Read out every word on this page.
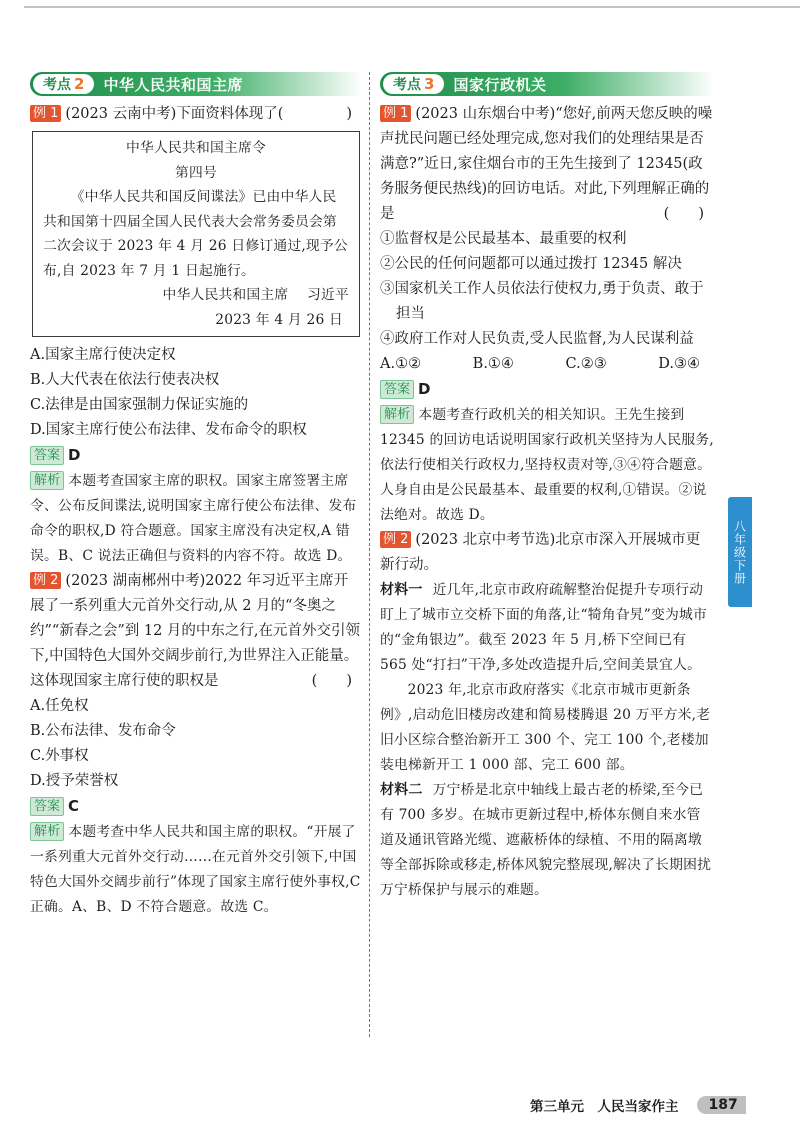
考点 2 中华人民共和国主席

例 1 (2023 云南中考)下面资料体现了(	)

中华人民共和国主席令
第四号
《中华人民共和国反间谍法》已由中华人民共和国第十四届全国人民代表大会常务委员会第二次会议于 2023 年 4 月 26 日修订通过,现予公布,自 2023 年 7 月 1 日起施行。
中华人民共和国主席　 习近平
2023 年 4 月 26 日

A.国家主席行使决定权

B.人大代表在依法行使表决权

C.法律是由国家强制力保证实施的

D.国家主席行使公布法律、发布命令的职权

答案 D

解析 本题考查国家主席的职权。国家主席签署主席令、公布反间谍法,说明国家主席行使公布法律、发布命令的职权,D 符合题意。国家主席没有决定权,A 错误。B、C 说法正确但与资料的内容不符。故选 D。

例 2 (2023 湖南郴州中考)2022 年习近平主席开展了一系列重大元首外交行动,从 2 月的“冬奥之约”“新春之会”到 12 月的中东之行,在元首外交引领下,中国特色大国外交阔步前行,为世界注入正能量。这体现国家主席行使的职权是	(　　)

A.任免权

B.公布法律、发布命令

C.外事权

D.授予荣誉权

答案 C

解析 本题考查中华人民共和国主席的职权。“开展了一系列重大元首外交行动……在元首外交引领下,中国特色大国外交阔步前行”体现了国家主席行使外事权,C 正确。A、B、D 不符合题意。故选 C。

考点 3 国家行政机关

例 1 (2023 山东烟台中考)“您好,前两天您反映的噪声扰民问题已经处理完成,您对我们的处理结果是否满意?”近日,家住烟台市的王先生接到了 12345(政务服务便民热线)的回访电话。对此,下列理解正确的是	(　　)

①监督权是公民最基本、最重要的权利

②公民的任何问题都可以通过拨打 12345 解决

③国家机关工作人员依法行使权力,勇于负责、敢于担当

④政府工作对人民负责,受人民监督,为人民谋利益

A.①②	B.①④	C.②③	D.③④

答案 D

解析 本题考查行政机关的相关知识。王先生接到 12345 的回访电话说明国家行政机关坚持为人民服务,依法行使相关行政权力,坚持权责对等,③④符合题意。人身自由是公民最基本、最重要的权利,①错误。②说法绝对。故选 D。

例 2 (2023 北京中考节选)北京市深入开展城市更新行动。

材料一 近几年,北京市政府疏解整治促提升专项行动盯上了城市立交桥下面的角落,让“犄角旮旯”变为城市的“金角银边”。截至 2023 年 5 月,桥下空间已有 565 处“打扫”干净,多处改造提升后,空间美景宜人。

2023 年,北京市政府落实《北京市城市更新条例》,启动危旧楼房改建和简易楼腾退 20 万平方米,老旧小区综合整治新开工 300 个、完工 100 个,老楼加装电梯新开工 1 000 部、完工 600 部。

材料二 万宁桥是北京中轴线上最古老的桥梁,至今已有 700 多岁。在城市更新过程中,桥体东侧自来水管道及通讯管路光缆、遮蔽桥体的绿植、不用的隔离墩等全部拆除或移走,桥体风貌完整展现,解决了长期困扰万宁桥保护与展示的难题。

八年级下册
第三单元　人民当家作主	187
